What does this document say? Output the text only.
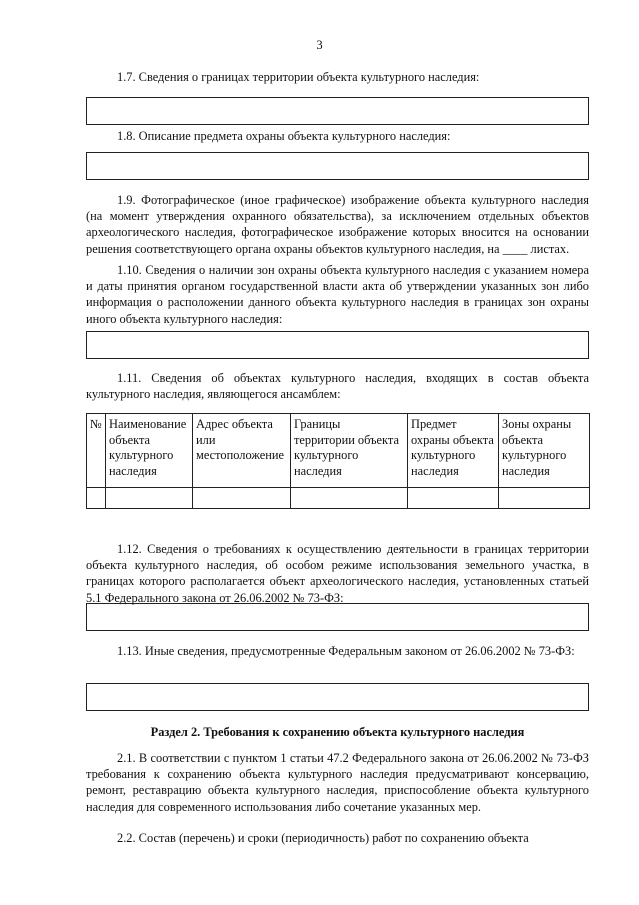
3

1.7. Сведения о границах территории объекта культурного наследия:

1.8. Описание предмета охраны объекта культурного наследия:

1.9. Фотографическое (иное графическое) изображение объекта культурного наследия (на момент утверждения охранного обязательства), за исключением отдельных объектов археологического наследия, фотографическое изображение которых вносится на основании решения соответствующего органа охраны объектов культурного наследия, на ____ листах.

1.10. Сведения о наличии зон охраны объекта культурного наследия с указанием номера и даты принятия органом государственной власти акта об утверждении указанных зон либо информация о расположении данного объекта культурного наследия в границах зон охраны иного объекта культурного наследия:

1.11. Сведения об объектах культурного наследия, входящих в состав объекта культурного наследия, являющегося ансамблем:

№	Наименование объекта культурного наследия	Адрес объекта или местоположение	Границы территории объекта культурного наследия	Предмет охраны объекта культурного наследия	Зоны охраны объекта культурного наследия

1.12. Сведения о требованиях к осуществлению деятельности в границах территории объекта культурного наследия, об особом режиме использования земельного участка, в границах которого располагается объект археологического наследия, установленных статьей 5.1 Федерального закона от 26.06.2002 № 73-ФЗ:

1.13. Иные сведения, предусмотренные Федеральным законом от 26.06.2002 № 73-ФЗ:

Раздел 2. Требования к сохранению объекта культурного наследия

2.1. В соответствии с пунктом 1 статьи 47.2 Федерального закона от 26.06.2002 № 73-ФЗ требования к сохранению объекта культурного наследия предусматривают консервацию, ремонт, реставрацию объекта культурного наследия, приспособление объекта культурного наследия для современного использования либо сочетание указанных мер.

2.2. Состав (перечень) и сроки (периодичность) работ по сохранению объекта
